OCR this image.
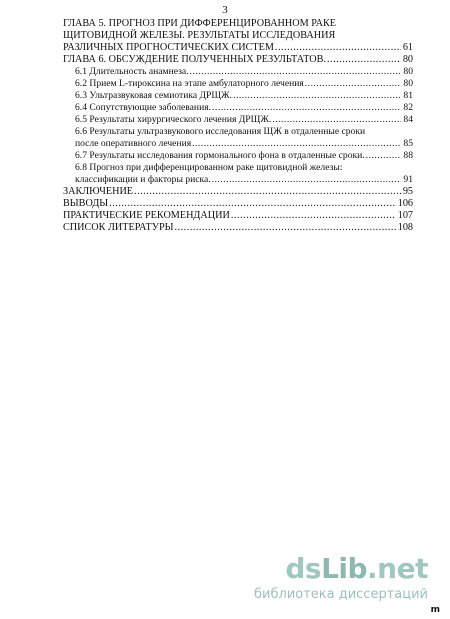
3
ГЛАВА 5. ПРОГНОЗ ПРИ ДИФФЕРЕНЦИРОВАННОМ РАКЕ
ЩИТОВИДНОЙ ЖЕЛЕЗЫ. РЕЗУЛЬТАТЫ ИССЛЕДОВАНИЯ
РАЗЛИЧНЫХ ПРОГНОСТИЧЕСКИХ СИСТЕМ .....	61
ГЛАВА 6. ОБСУЖДЕНИЕ ПОЛУЧЕННЫХ РЕЗУЛЬТАТОВ. .....	80
6.1 Длительность анамнеза. .....	80
6.2 Прием L-тироксина на этапе амбулаторного лечения .....	80
6.3 Ультразвуковая семиотика ДРЩЖ. .....	81
6.4 Сопутствующие заболевания. .....	82
6.5 Результаты хирургического лечения ДРЩЖ. .....	84
6.6 Результаты ультразвукового исследования ЩЖ в отдаленные сроки
после оперативного лечения .....	85
6.7 Результаты исследования гормонального фона в отдаленные сроки. .....	88
6.8 Прогноз при дифференцированном раке щитовидной железы:
классификации и факторы риска. .....	91
ЗАКЛЮЧЕНИЕ .....	95
ВЫВОДЫ .....	106
ПРАКТИЧЕСКИЕ РЕКОМЕНДАЦИИ .....	107
СПИСОК ЛИТЕРАТУРЫ .....	108
ds Lib .net
библиотека диссертаций
m
